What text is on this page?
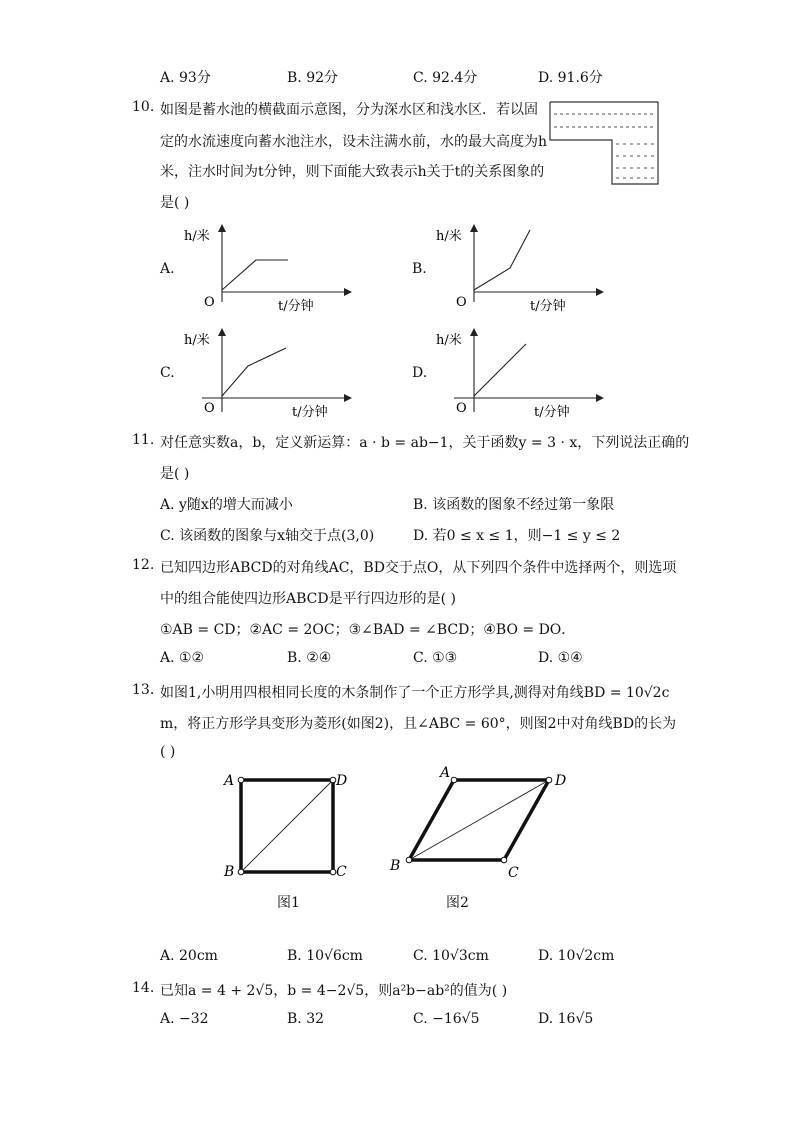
A. 93分	B. 92分	C. 92.4分	D. 91.6分
10. 如图是蓄水池的横截面示意图，分为深水区和浅水区．若以固
定的水流速度向蓄水池注水，设未注满水前，水的最大高度为h
米，注水时间为t分钟，则下面能大致表示h关于t的关系图象的
是( )
A.	B.
C.	D.
h/米
O	t/分钟
h/米
O	t/分钟
h/米
O	t/分钟
h/米
O	t/分钟
11. 对任意实数a，b，定义新运算：a · b = ab−1，关于函数y = 3 · x，下列说法正确的
是( )
A. y随x的增大而减小	B. 该函数的图象不经过第一象限
C. 该函数的图象与x轴交于点(3,0)	D. 若0 ≤ x ≤ 1，则−1 ≤ y ≤ 2
12. 已知四边形ABCD的对角线AC，BD交于点O，从下列四个条件中选择两个，则选项
中的组合能使四边形ABCD是平行四边形的是( )
①AB = CD；②AC = 2OC；③∠BAD = ∠BCD；④BO = DO．
A. ①②	B. ②④	C. ①③	D. ①④
13. 如图1,小明用四根相同长度的木条制作了一个正方形学具,测得对角线BD = 10√2c
m，将正方形学具变形为菱形(如图2)，且∠ABC = 60°，则图2中对角线BD的长为
( )
A
B	C
D
图1
A
B	C
D
图2
A. 20cm	B. 10√6cm	C. 10√3cm	D. 10√2cm
14. 已知a = 4 + 2√5，b = 4−2√5，则a²b−ab²的值为( )
A. −32	B. 32	C. −16√5	D. 16√5
